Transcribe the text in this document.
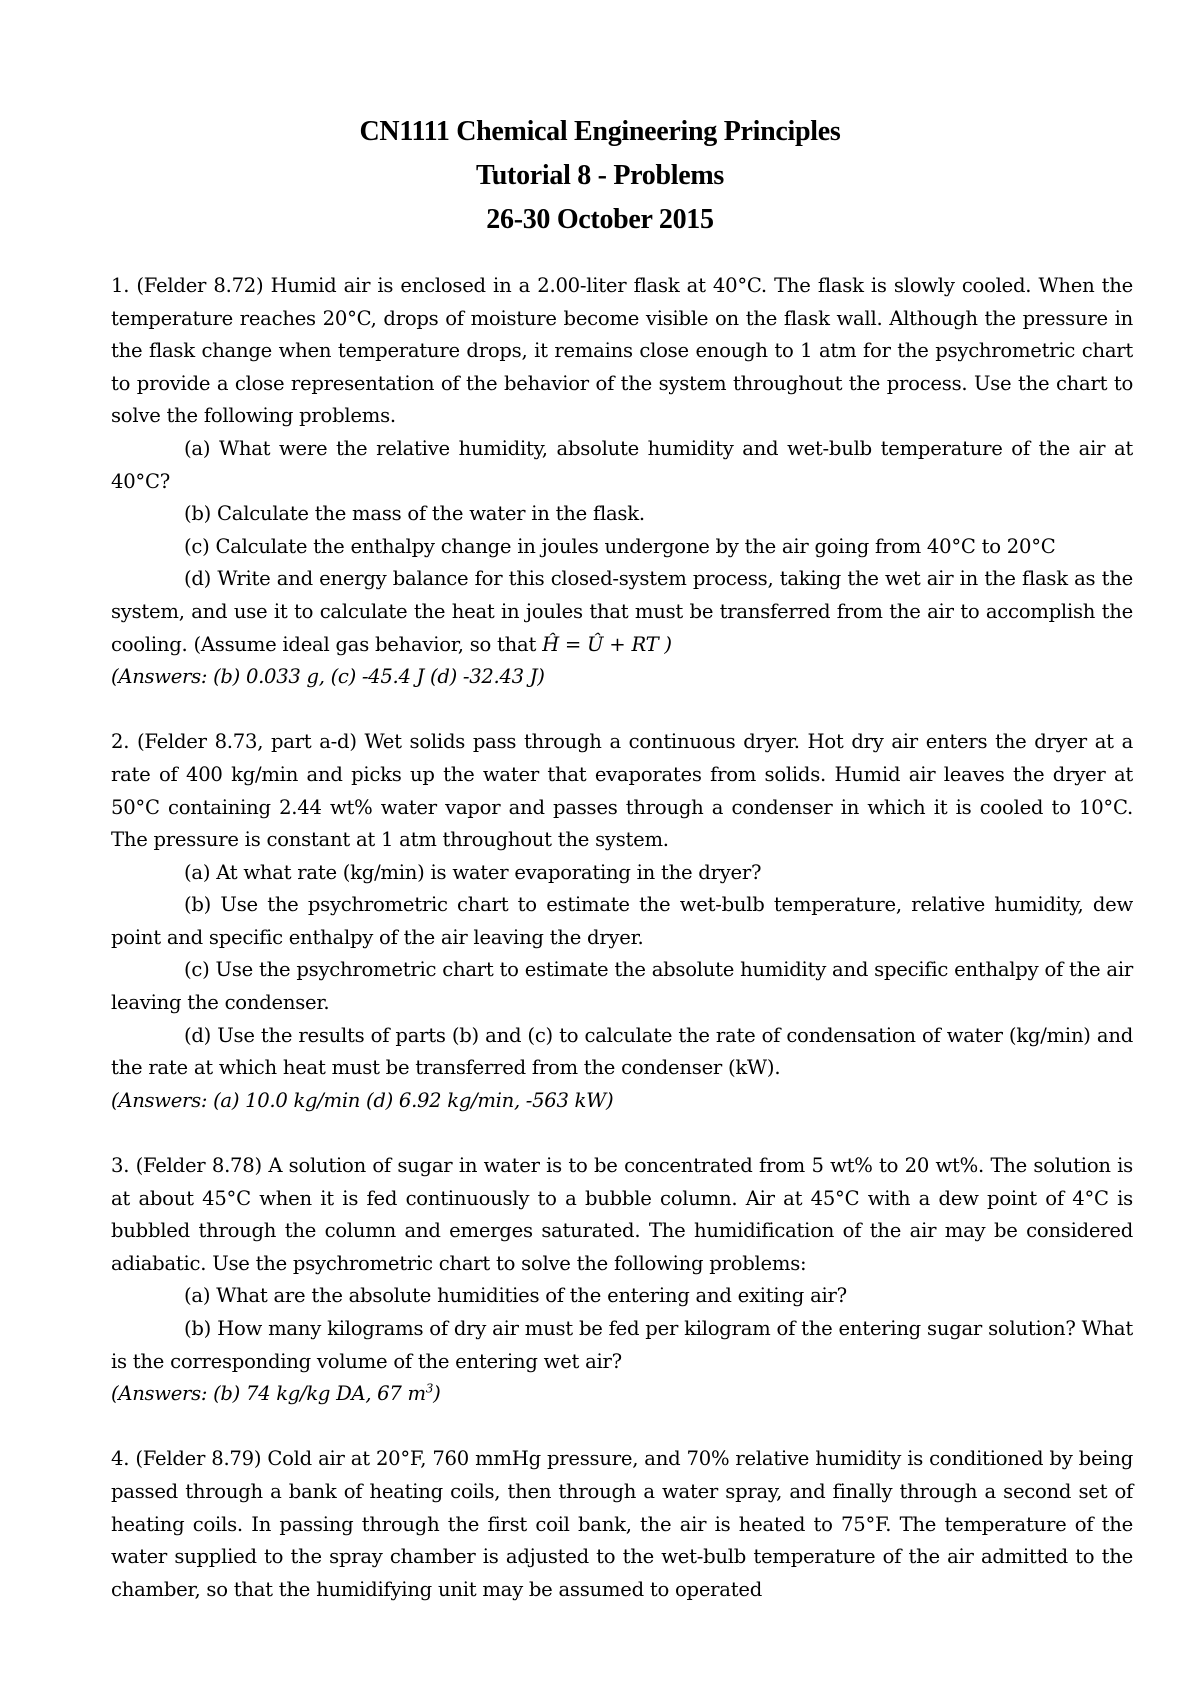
CN1111 Chemical Engineering Principles
Tutorial 8 - Problems
26-30 October 2015

1. (Felder 8.72) Humid air is enclosed in a 2.00-liter flask at 40°C. The flask is slowly cooled. When the temperature reaches 20°C, drops of moisture become visible on the flask wall. Although the pressure in the flask change when temperature drops, it remains close enough to 1 atm for the psychrometric chart to provide a close representation of the behavior of the system throughout the process. Use the chart to solve the following problems.

(a) What were the relative humidity, absolute humidity and wet-bulb temperature of the air at 40°C?

(b) Calculate the mass of the water in the flask.

(c) Calculate the enthalpy change in joules undergone by the air going from 40°C to 20°C

(d) Write and energy balance for this closed-system process, taking the wet air in the flask as the system, and use it to calculate the heat in joules that must be transferred from the air to accomplish the cooling. (Assume ideal gas behavior, so that Ĥ = Û + RT )

(Answers: (b) 0.033 g, (c) -45.4 J (d) -32.43 J)

2. (Felder 8.73, part a-d) Wet solids pass through a continuous dryer. Hot dry air enters the dryer at a rate of 400 kg/min and picks up the water that evaporates from solids. Humid air leaves the dryer at 50°C containing 2.44 wt% water vapor and passes through a condenser in which it is cooled to 10°C. The pressure is constant at 1 atm throughout the system.

(a) At what rate (kg/min) is water evaporating in the dryer?

(b) Use the psychrometric chart to estimate the wet-bulb temperature, relative humidity, dew point and specific enthalpy of the air leaving the dryer.

(c) Use the psychrometric chart to estimate the absolute humidity and specific enthalpy of the air leaving the condenser.

(d) Use the results of parts (b) and (c) to calculate the rate of condensation of water (kg/min) and the rate at which heat must be transferred from the condenser (kW).

(Answers: (a) 10.0 kg/min (d) 6.92 kg/min, -563 kW)

3. (Felder 8.78) A solution of sugar in water is to be concentrated from 5 wt% to 20 wt%. The solution is at about 45°C when it is fed continuously to a bubble column. Air at 45°C with a dew point of 4°C is bubbled through the column and emerges saturated. The humidification of the air may be considered adiabatic. Use the psychrometric chart to solve the following problems:

(a) What are the absolute humidities of the entering and exiting air?

(b) How many kilograms of dry air must be fed per kilogram of the entering sugar solution? What is the corresponding volume of the entering wet air?

(Answers: (b) 74 kg/kg DA, 67 $m^3$)

4. (Felder 8.79) Cold air at 20°F, 760 mmHg pressure, and 70% relative humidity is conditioned by being passed through a bank of heating coils, then through a water spray, and finally through a second set of heating coils. In passing through the first coil bank, the air is heated to 75°F. The temperature of the water supplied to the spray chamber is adjusted to the wet-bulb temperature of the air admitted to the chamber, so that the humidifying unit may be assumed to operated
